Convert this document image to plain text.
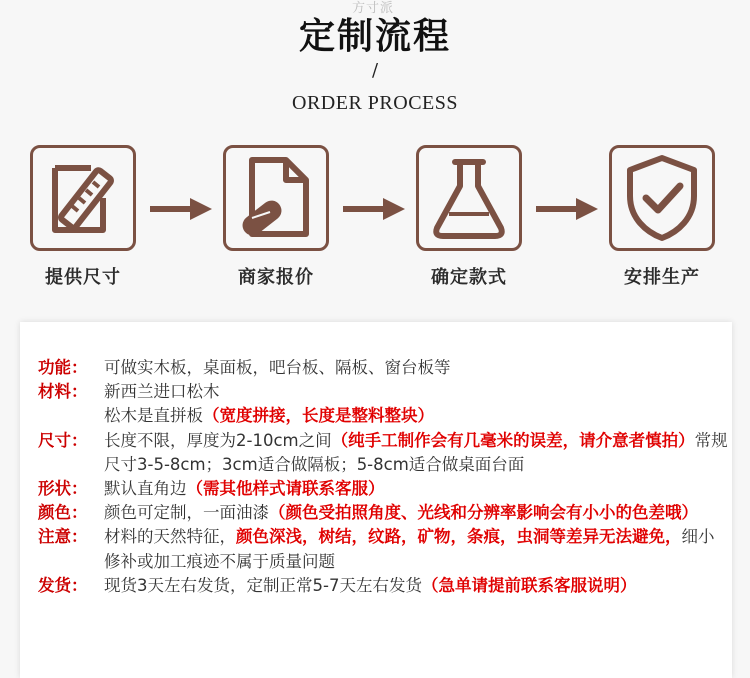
方寸派
定制流程
/
ORDER PROCESS
提供尺寸	商家报价	确定款式	安排生产
功能：	可做实木板，桌面板，吧台板、隔板、窗台板等
材料：	新西兰进口松木
松木是直拼板（宽度拼接，长度是整料整块）
尺寸：	长度不限，厚度为2-10cm之间（纯手工制作会有几毫米的误差，请介意者慎拍）常规尺寸3-5-8cm；3cm适合做隔板；5-8cm适合做桌面台面
形状：	默认直角边（需其他样式请联系客服）
颜色：	颜色可定制，一面油漆（颜色受拍照角度、光线和分辨率影响会有小小的色差哦）
注意：	材料的天然特征，颜色深浅，树结，纹路，矿物，条痕，虫洞等差异无法避免，细小修补或加工痕迹不属于质量问题
发货：	现货3天左右发货，定制正常5-7天左右发货（急单请提前联系客服说明）
